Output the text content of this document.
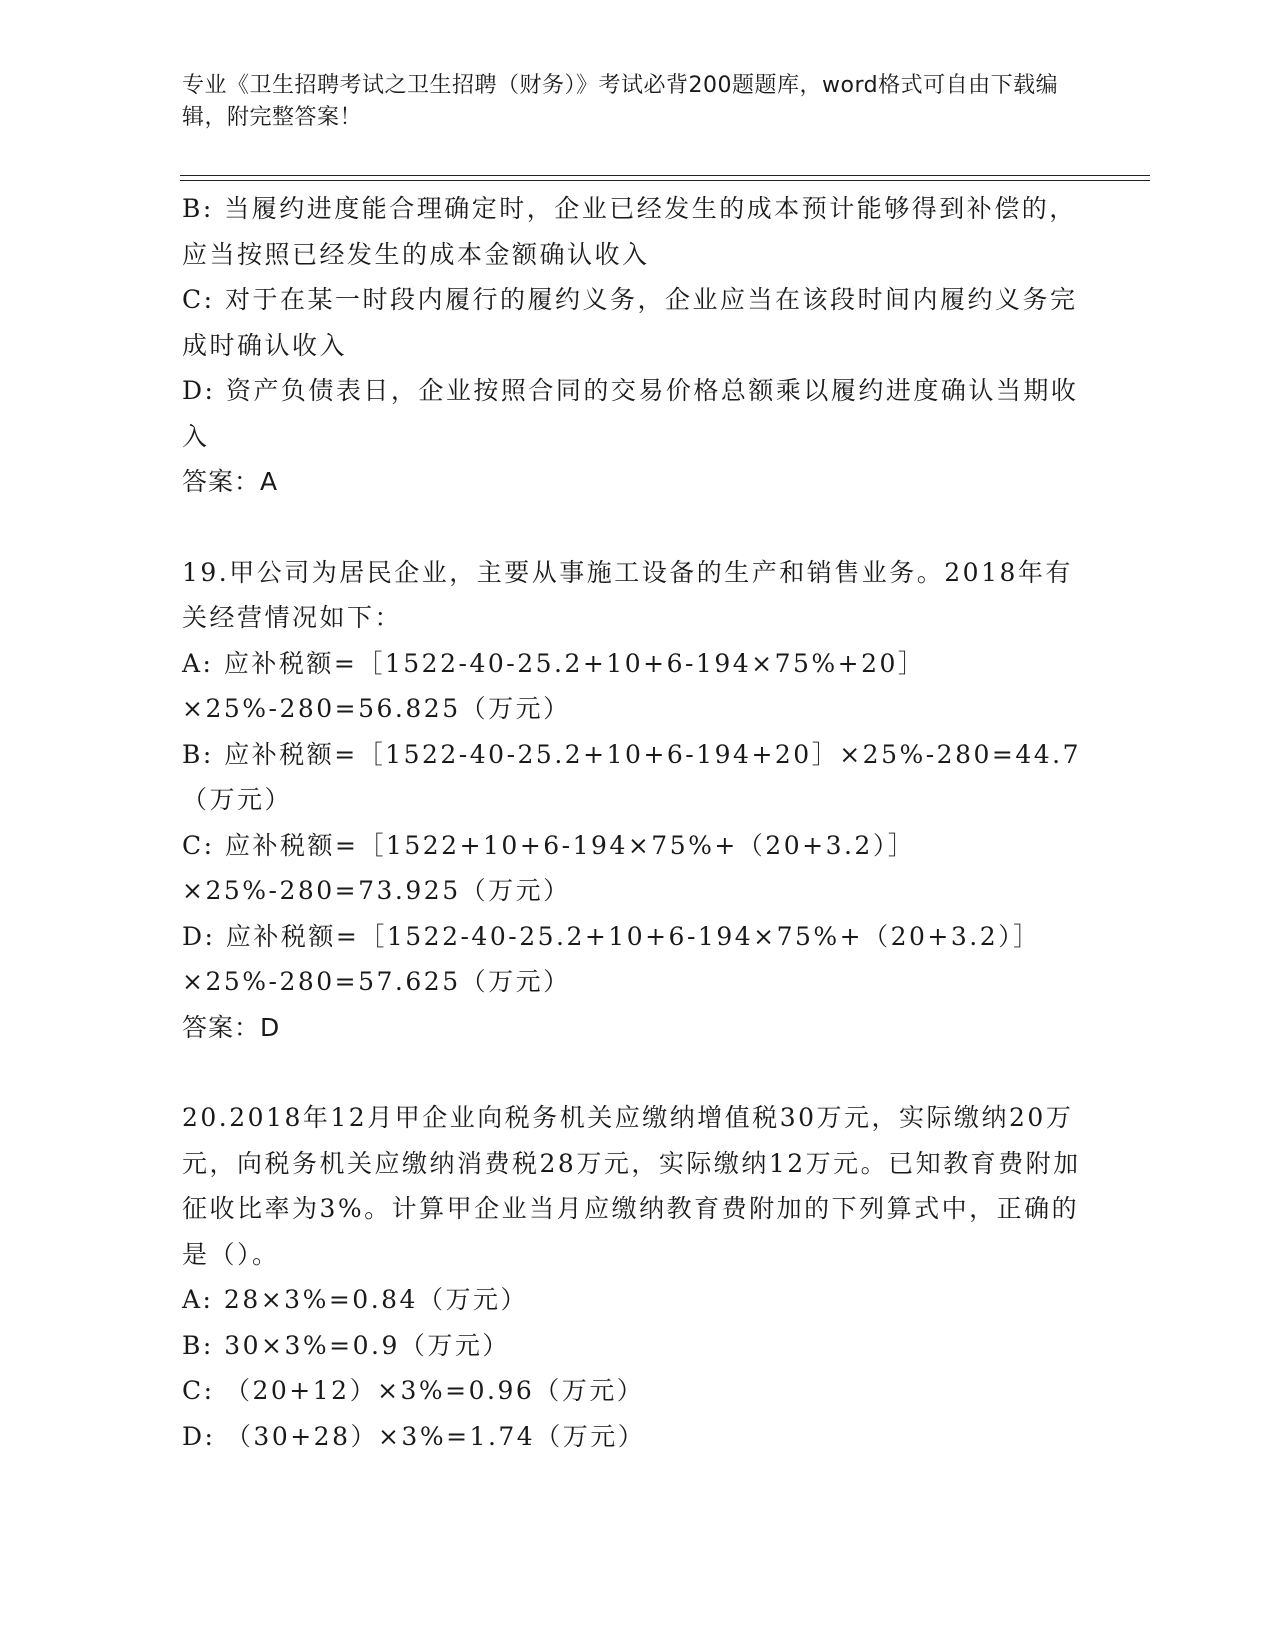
专业《卫生招聘考试之卫生招聘（财务）》考试必背200题题库，word格式可自由下载编辑，附完整答案！

B: 当履约进度能合理确定时，企业已经发生的成本预计能够得到补偿的，应当按照已经发生的成本金额确认收入

C: 对于在某一时段内履行的履约义务，企业应当在该段时间内履约义务完成时确认收入

D: 资产负债表日，企业按照合同的交易价格总额乘以履约进度确认当期收入

答案：A

19.甲公司为居民企业，主要从事施工设备的生产和销售业务。2018年有关经营情况如下：

A: 应补税额=［1522-40-25.2+10+6-194×75%+20］×25%-280=56.825（万元）

B: 应补税额=［1522-40-25.2+10+6-194+20］×25%-280=44.7（万元）

C: 应补税额=［1522+10+6-194×75%+（20+3.2）］×25%-280=73.925（万元）

D: 应补税额=［1522-40-25.2+10+6-194×75%+（20+3.2）］×25%-280=57.625（万元）

答案：D

20.2018年12月甲企业向税务机关应缴纳增值税30万元，实际缴纳20万元，向税务机关应缴纳消费税28万元，实际缴纳12万元。已知教育费附加征收比率为3%。计算甲企业当月应缴纳教育费附加的下列算式中，正确的是（）。

A: 28×3%=0.84（万元）

B: 30×3%=0.9（万元）

C: （20+12）×3%=0.96（万元）

D: （30+28）×3%=1.74（万元）
